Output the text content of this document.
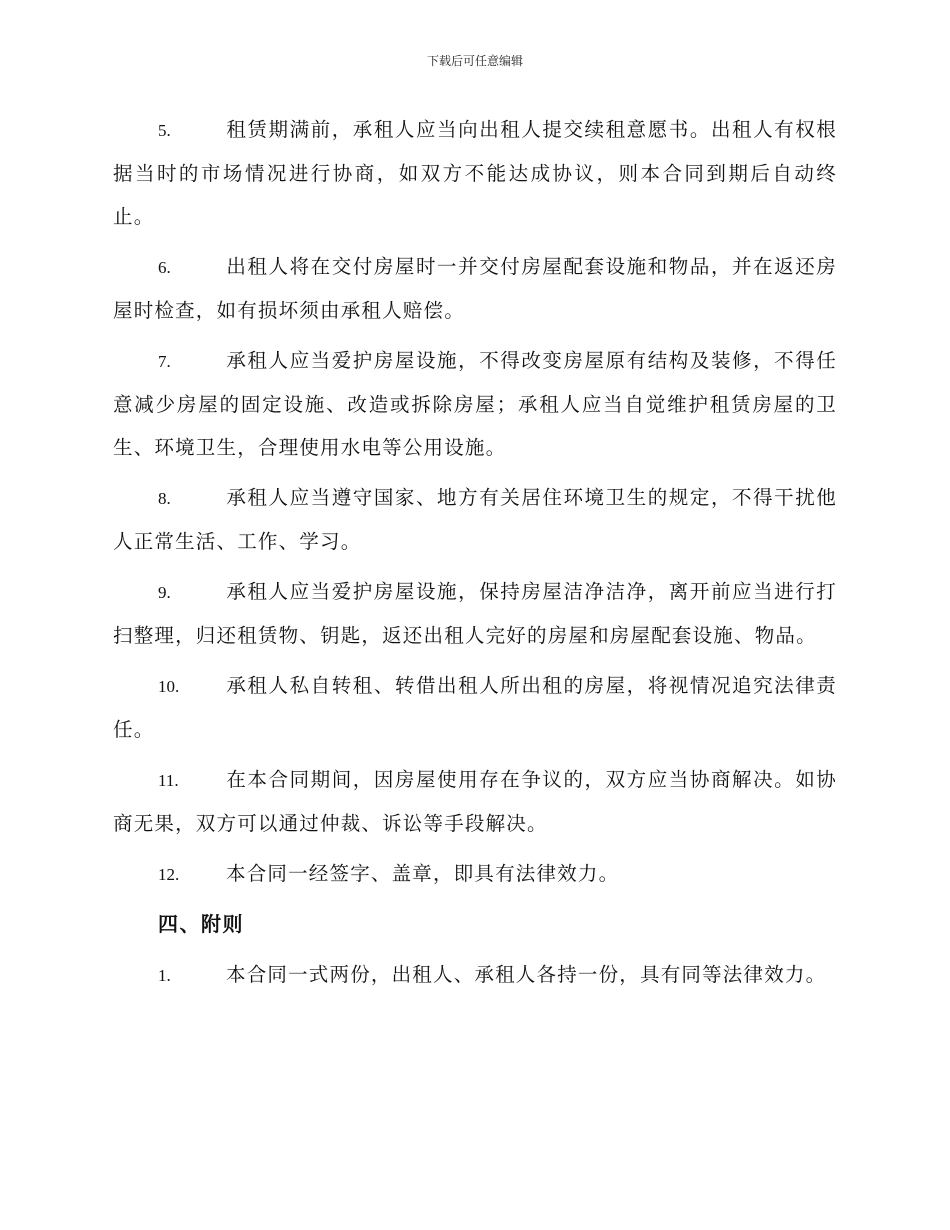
下载后可任意编辑

5.	租赁期满前，承租人应当向出租人提交续租意愿书。出租人有权根据当时的市场情况进行协商，如双方不能达成协议，则本合同到期后自动终止。

6.	出租人将在交付房屋时一并交付房屋配套设施和物品，并在返还房屋时检查，如有损坏须由承租人赔偿。

7.	承租人应当爱护房屋设施，不得改变房屋原有结构及装修，不得任意减少房屋的固定设施、改造或拆除房屋；承租人应当自觉维护租赁房屋的卫生、环境卫生，合理使用水电等公用设施。

8.	承租人应当遵守国家、地方有关居住环境卫生的规定，不得干扰他人正常生活、工作、学习。

9.	承租人应当爱护房屋设施，保持房屋洁净洁净，离开前应当进行打扫整理，归还租赁物、钥匙，返还出租人完好的房屋和房屋配套设施、物品。

10. 承租人私自转租、转借出租人所出租的房屋，将视情况追究法律责任。

11. 在本合同期间，因房屋使用存在争议的，双方应当协商解决。如协商无果，双方可以通过仲裁、诉讼等手段解决。

12. 本合同一经签字、盖章，即具有法律效力。

四、附则

1.	本合同一式两份，出租人、承租人各持一份，具有同等法律效力。
